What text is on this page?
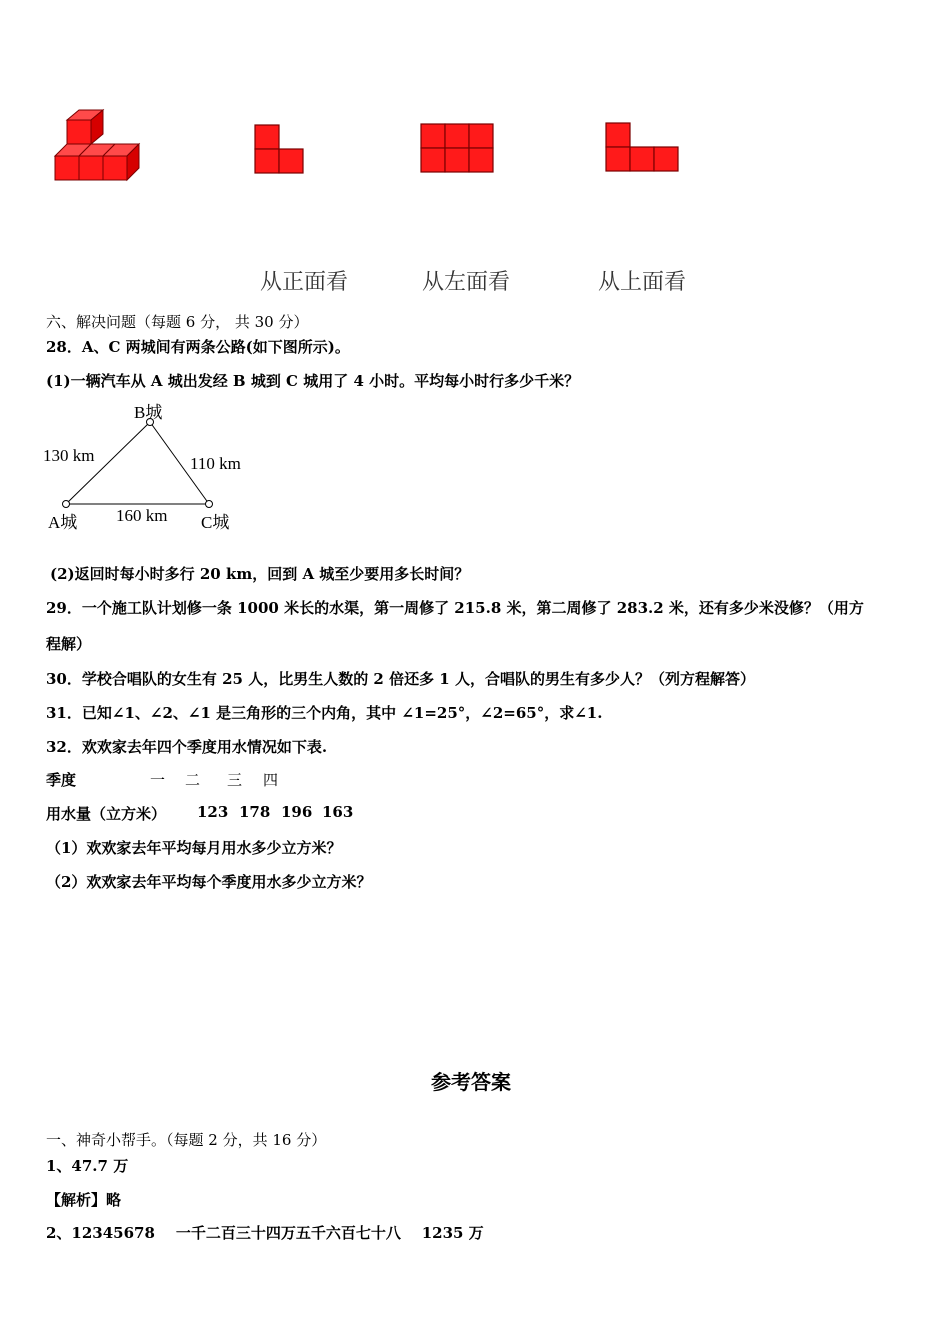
从正面看	从左面看	从上面看
六、解决问题（每题 6 分， 共 30 分）
28．A、C 两城间有两条公路(如下图所示)。
(1)一辆汽车从 A 城出发经 B 城到 C 城用了 4 小时。平均每小时行多少千米？
B城
130 km	110 km
A城 160 km C城
(2)返回时每小时多行 20 km，回到 A 城至少要用多长时间？
29．一个施工队计划修一条 1000 米长的水渠，第一周修了 215.8 米，第二周修了 283.2 米，还有多少米没修？（用方
程解）
30．学校合唱队的女生有 25 人，比男生人数的 2 倍还多 1 人，合唱队的男生有多少人？（列方程解答）
31．已知∠1、∠2、∠1 是三角形的三个内角，其中 ∠1=25°，∠2=65°，求∠1.
32．欢欢家去年四个季度用水情况如下表.
季度	一 二 三 四
用水量（立方米） 123 178 196 163
（1）欢欢家去年平均每月用水多少立方米？
（2）欢欢家去年平均每个季度用水多少立方米？
参考答案
一、神奇小帮手。（每题 2 分，共 16 分）
1、47.7 万
【解析】略
2、12345678    一千二百三十四万五千六百七十八    1235 万
